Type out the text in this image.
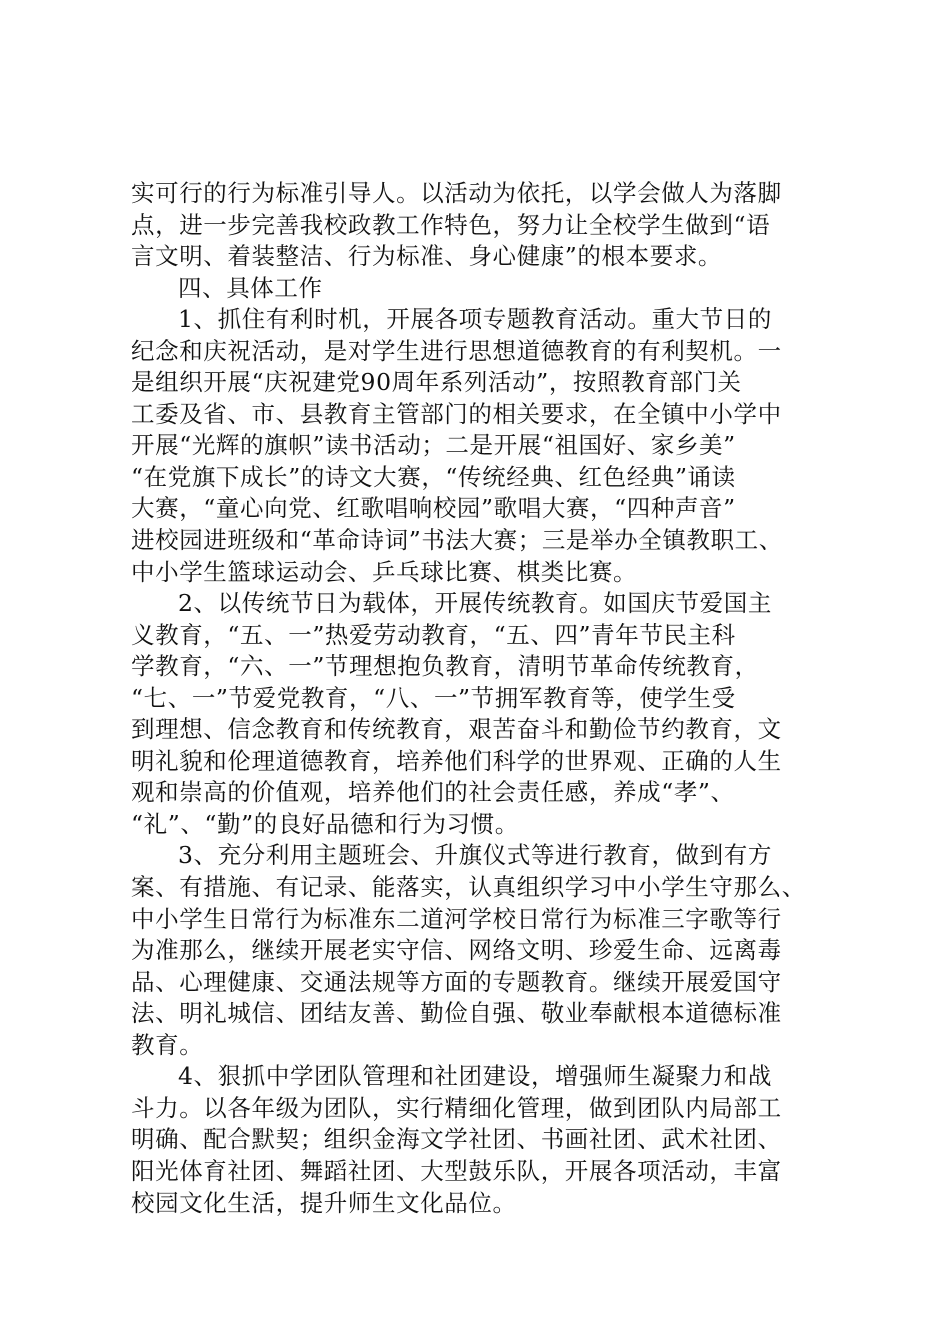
实可行的行为标准引导人。以活动为依托，以学会做人为落脚
点，进一步完善我校政教工作特色，努力让全校学生做到“语
言文明、着装整洁、行为标准、身心健康”的根本要求。
四、具体工作
1、抓住有利时机，开展各项专题教育活动。重大节日的
纪念和庆祝活动，是对学生进行思想道德教育的有利契机。一
是组织开展“庆祝建党90周年系列活动”，按照教育部门关
工委及省、市、县教育主管部门的相关要求，在全镇中小学中
开展“光辉的旗帜”读书活动；二是开展“祖国好、家乡美”
“在党旗下成长”的诗文大赛，“传统经典、红色经典”诵读
大赛，“童心向党、红歌唱响校园”歌唱大赛，“四种声音”
进校园进班级和“革命诗词”书法大赛；三是举办全镇教职工、
中小学生篮球运动会、乒乓球比赛、棋类比赛。
2、以传统节日为载体，开展传统教育。如国庆节爱国主
义教育，“五、一”热爱劳动教育，“五、四”青年节民主科
学教育，“六、一”节理想抱负教育，清明节革命传统教育，
“七、一”节爱党教育，“八、一”节拥军教育等，使学生受
到理想、信念教育和传统教育，艰苦奋斗和勤俭节约教育，文
明礼貌和伦理道德教育，培养他们科学的世界观、正确的人生
观和崇高的价值观，培养他们的社会责任感，养成“孝”、
“礼”、“勤”的良好品德和行为习惯。
3、充分利用主题班会、升旗仪式等进行教育，做到有方
案、有措施、有记录、能落实，认真组织学习中小学生守那么、
中小学生日常行为标准东二道河学校日常行为标准三字歌等行
为准那么，继续开展老实守信、网络文明、珍爱生命、远离毒
品、心理健康、交通法规等方面的专题教育。继续开展爱国守
法、明礼城信、团结友善、勤俭自强、敬业奉献根本道德标准
教育。
4、狠抓中学团队管理和社团建设，增强师生凝聚力和战
斗力。以各年级为团队，实行精细化管理，做到团队内局部工
明确、配合默契；组织金海文学社团、书画社团、武术社团、
阳光体育社团、舞蹈社团、大型鼓乐队，开展各项活动，丰富
校园文化生活，提升师生文化品位。
